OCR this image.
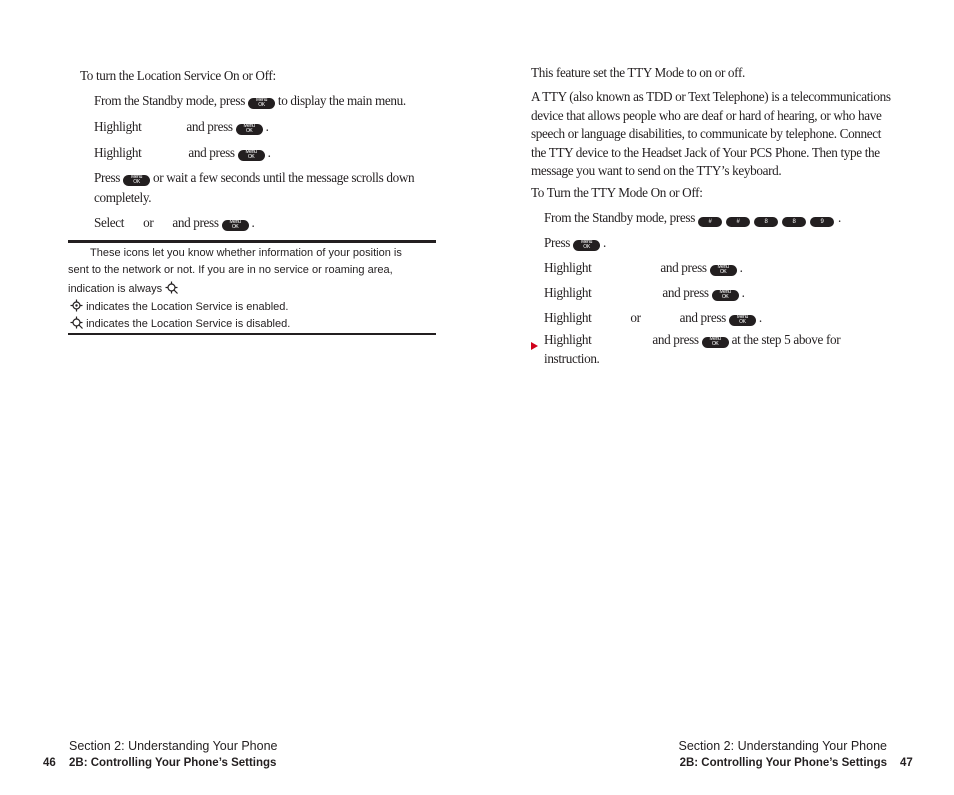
To turn the Location Service On or Off:
From the Standby mode, press	Menu
OK to display the main menu.
Highlight	and press	Menu
OK .
Highlight	and press	Menu
OK .
Press	Menu
OK or wait a few seconds until the message scrolls down
completely.
Select or and press	Menu
OK .
These icons let you know whether information of your position is
sent to the network or not. If you are in no service or roaming area,
indication is always
indicates the Location Service is enabled.
indicates the Location Service is disabled.
This feature set the TTY Mode to on or off.
A TTY (also known as TDD or Text Telephone) is a telecommunications
device that allows people who are deaf or hard of hearing, or who have
speech or language disabilities, to communicate by telephone. Connect
the TTY device to the Headset Jack of Your PCS Phone. Then type the
message you want to send on the TTY’s keyboard.
To Turn the TTY Mode On or Off:
From the Standby mode, press #	#	8	8	9 .
Press	Menu
OK .
Highlight	and press	Menu
OK .
Highlight	and press	Menu
OK .
Highlight	or	and press	Menu
OK .
Highlight	and press	Menu
OK at the step 5 above for
instruction.
Section 2: Understanding Your Phone
46 2B: Controlling Your Phone’s Settings
Section 2: Understanding Your Phone
2B: Controlling Your Phone’s Settings 47
